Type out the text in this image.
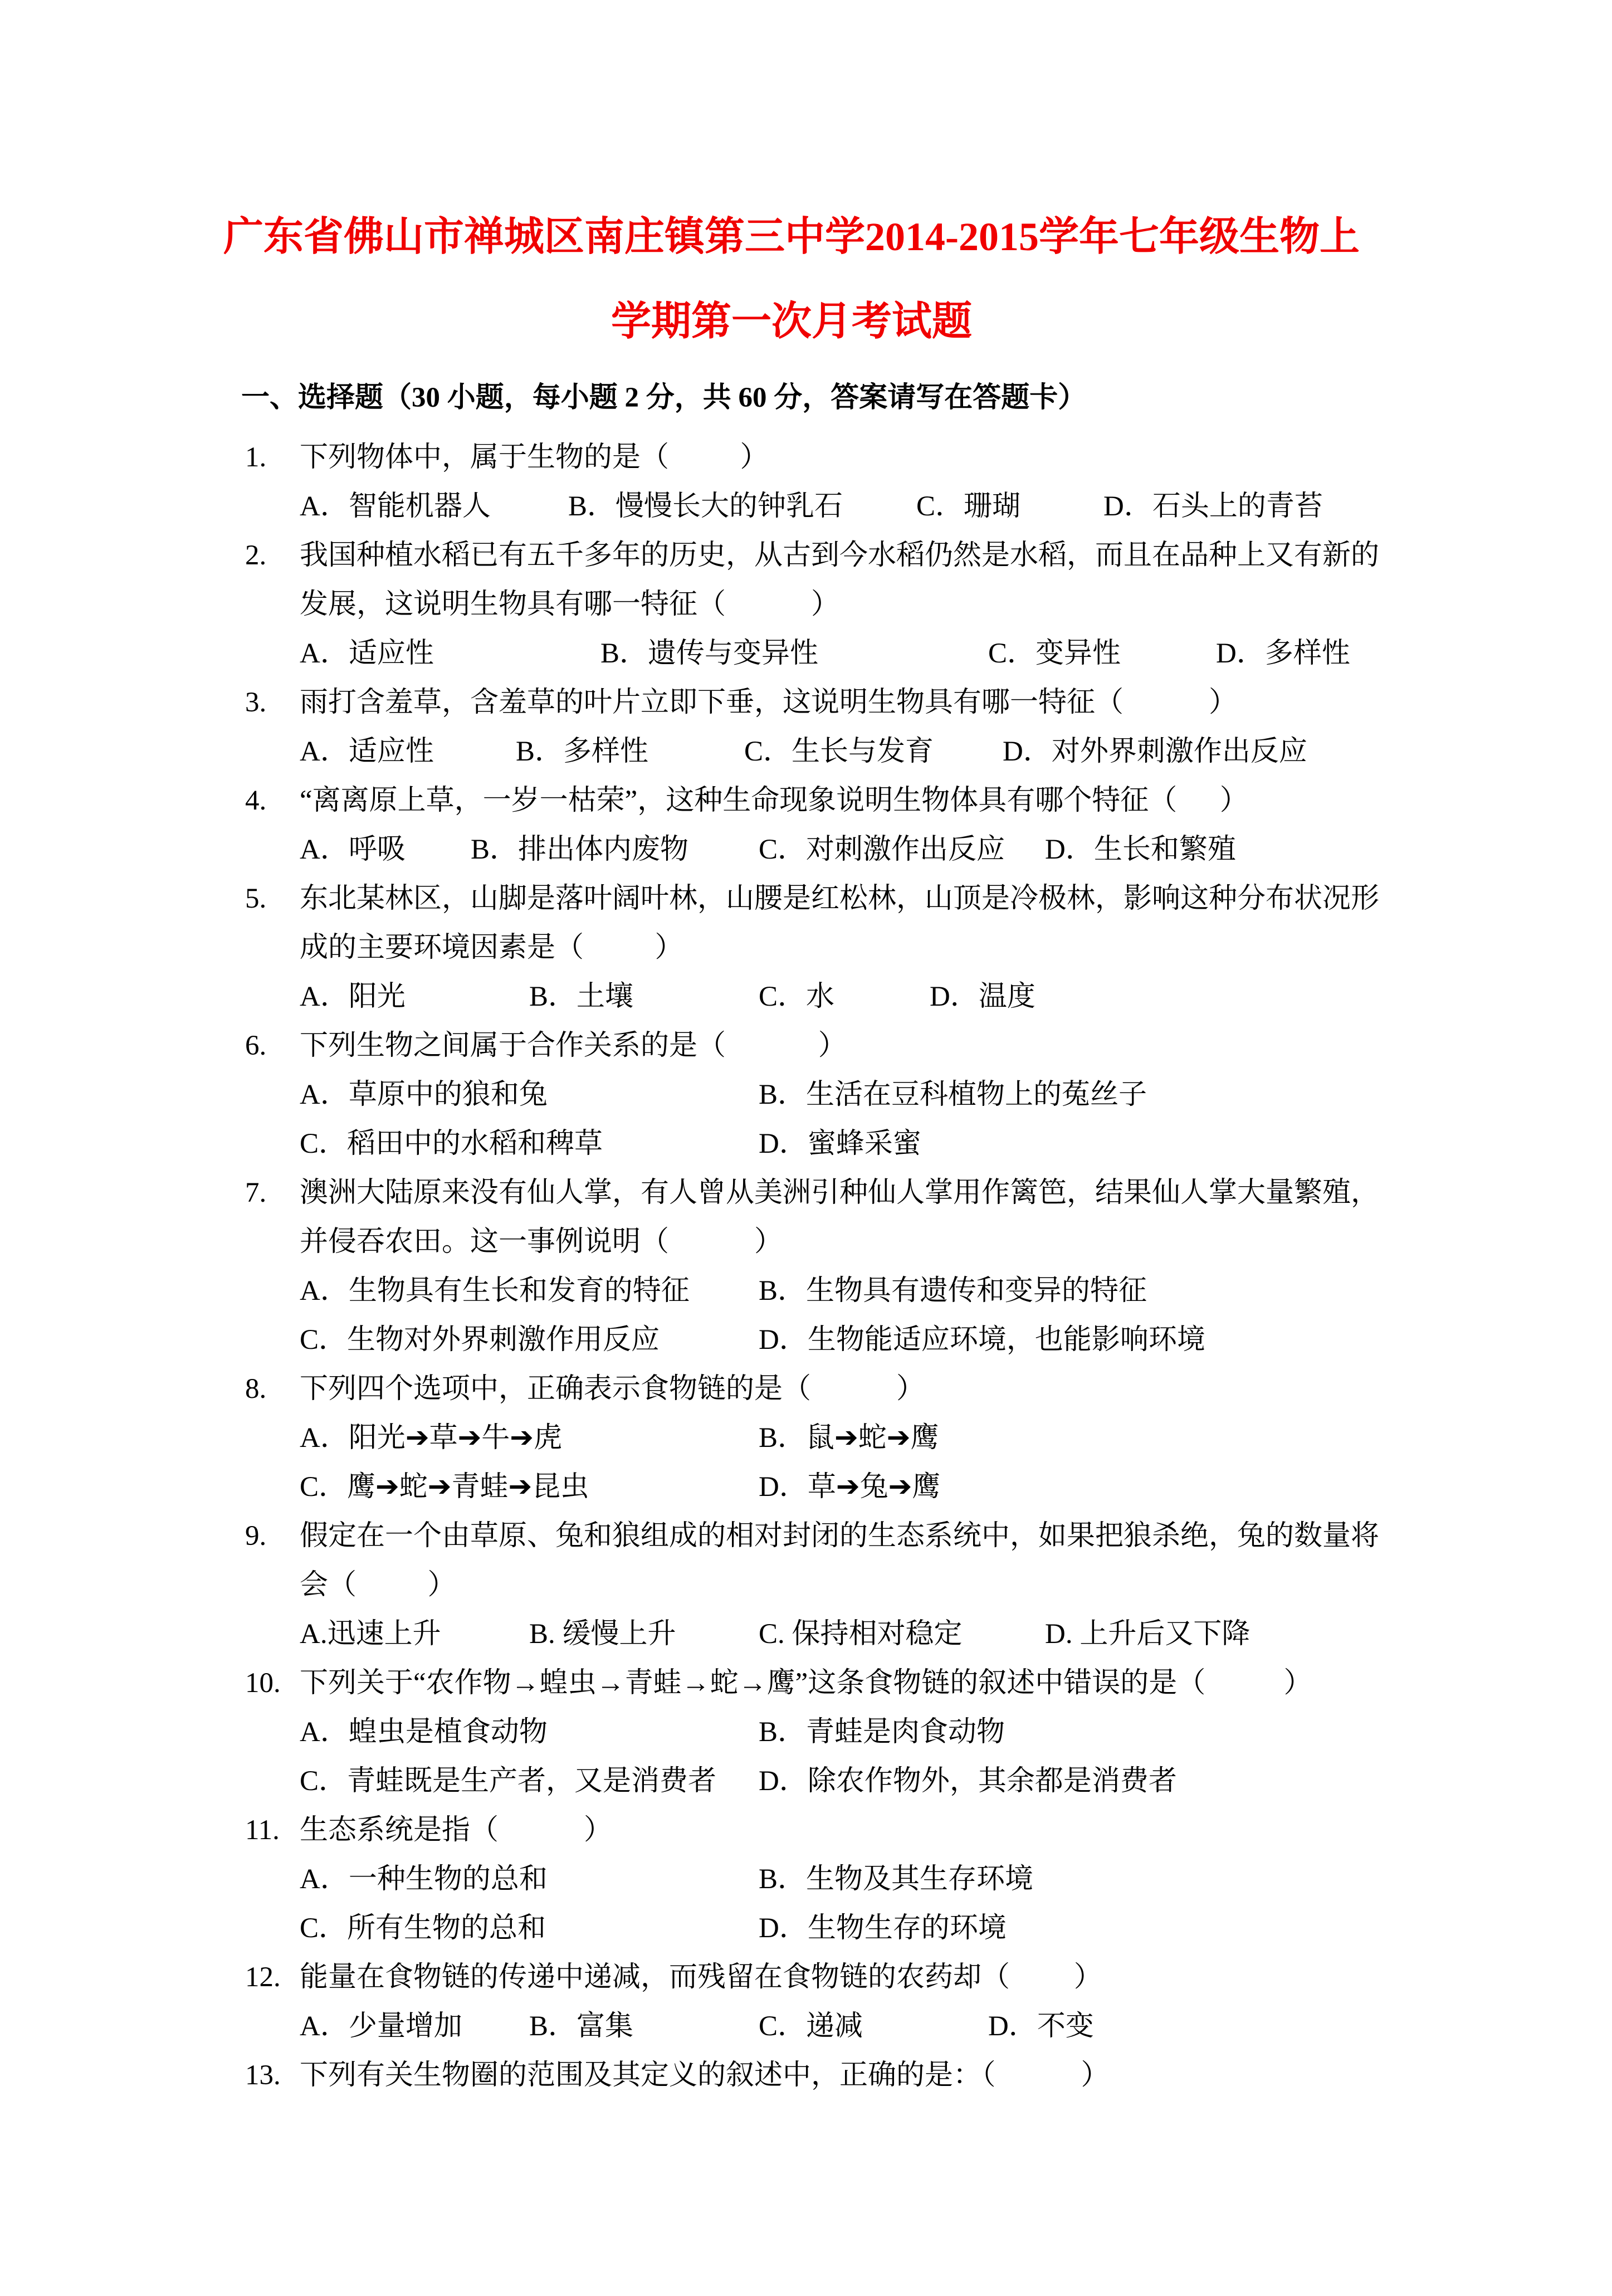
广东省佛山市禅城区南庄镇第三中学2014-2015学年七年级生物上
学期第一次月考试题
一、选择题（30 小题，每小题 2 分，共 60 分，答案请写在答题卡）

1.

下列物体中，属于生物的是（          ）

A．智能机器人

	B．慢慢长大的钟乳石

	C．珊瑚

	D．石头上的青苔

2.

我国种植水稻已有五千多年的历史，从古到今水稻仍然是水稻，而且在品种上又有新的

发展，这说明生物具有哪一特征（            ）

A．适应性

	B．遗传与变异性

	C．变异性

	D．多样性

3.

雨打含羞草，含羞草的叶片立即下垂，这说明生物具有哪一特征（            ）

A．适应性

	B．多样性

	C．生长与发育

D．对外界刺激作出反应

4.

“离离原上草，一岁一枯荣”，这种生命现象说明生物体具有哪个特征（      ）

A．呼吸

B．排出体内废物

C．对刺激作出反应

D．生长和繁殖

5.

东北某林区，山脚是落叶阔叶林，山腰是红松林，山顶是冷极林，影响这种分布状况形

成的主要环境因素是（          ）

A．阳光

	B．土壤

	C．水

	D．温度

6.

下列生物之间属于合作关系的是（             ）

A．草原中的狼和兔

	B．生活在豆科植物上的菟丝子

C．稻田中的水稻和稗草

	D．蜜蜂采蜜

7.

澳洲大陆原来没有仙人掌，有人曾从美洲引种仙人掌用作篱笆，结果仙人掌大量繁殖，

并侵吞农田。这一事例说明（            ）

A．生物具有生长和发育的特征

B．生物具有遗传和变异的特征

C．生物对外界刺激作用反应

	D．生物能适应环境，也能影响环境

8.

下列四个选项中，正确表示食物链的是（            ）

A．阳光➔草➔牛➔虎

	B．鼠➔蛇➔鹰

C．鹰➔蛇➔青蛙➔昆虫

	D．草➔兔➔鹰

9.

假定在一个由草原、兔和狼组成的相对封闭的生态系统中，如果把狼杀绝，兔的数量将

会（          ）

A.迅速上升

	B. 缓慢上升

	C. 保持相对稳定

	D. 上升后又下降

10.

下列关于“农作物→蝗虫→青蛙→蛇→鹰”这条食物链的叙述中错误的是（           ）

A．蝗虫是植食动物

	B．青蛙是肉食动物

C．青蛙既是生产者，又是消费者

D．除农作物外，其余都是消费者

11.

生态系统是指（            ）

A．一种生物的总和

	B．生物及其生存环境

C．所有生物的总和

	D．生物生存的环境

12.

能量在食物链的传递中递减，而残留在食物链的农药却（         ）

A．少量增加

B．富集

	C．递减

	D．不变

13.

下列有关生物圈的范围及其定义的叙述中，正确的是：（            ）
